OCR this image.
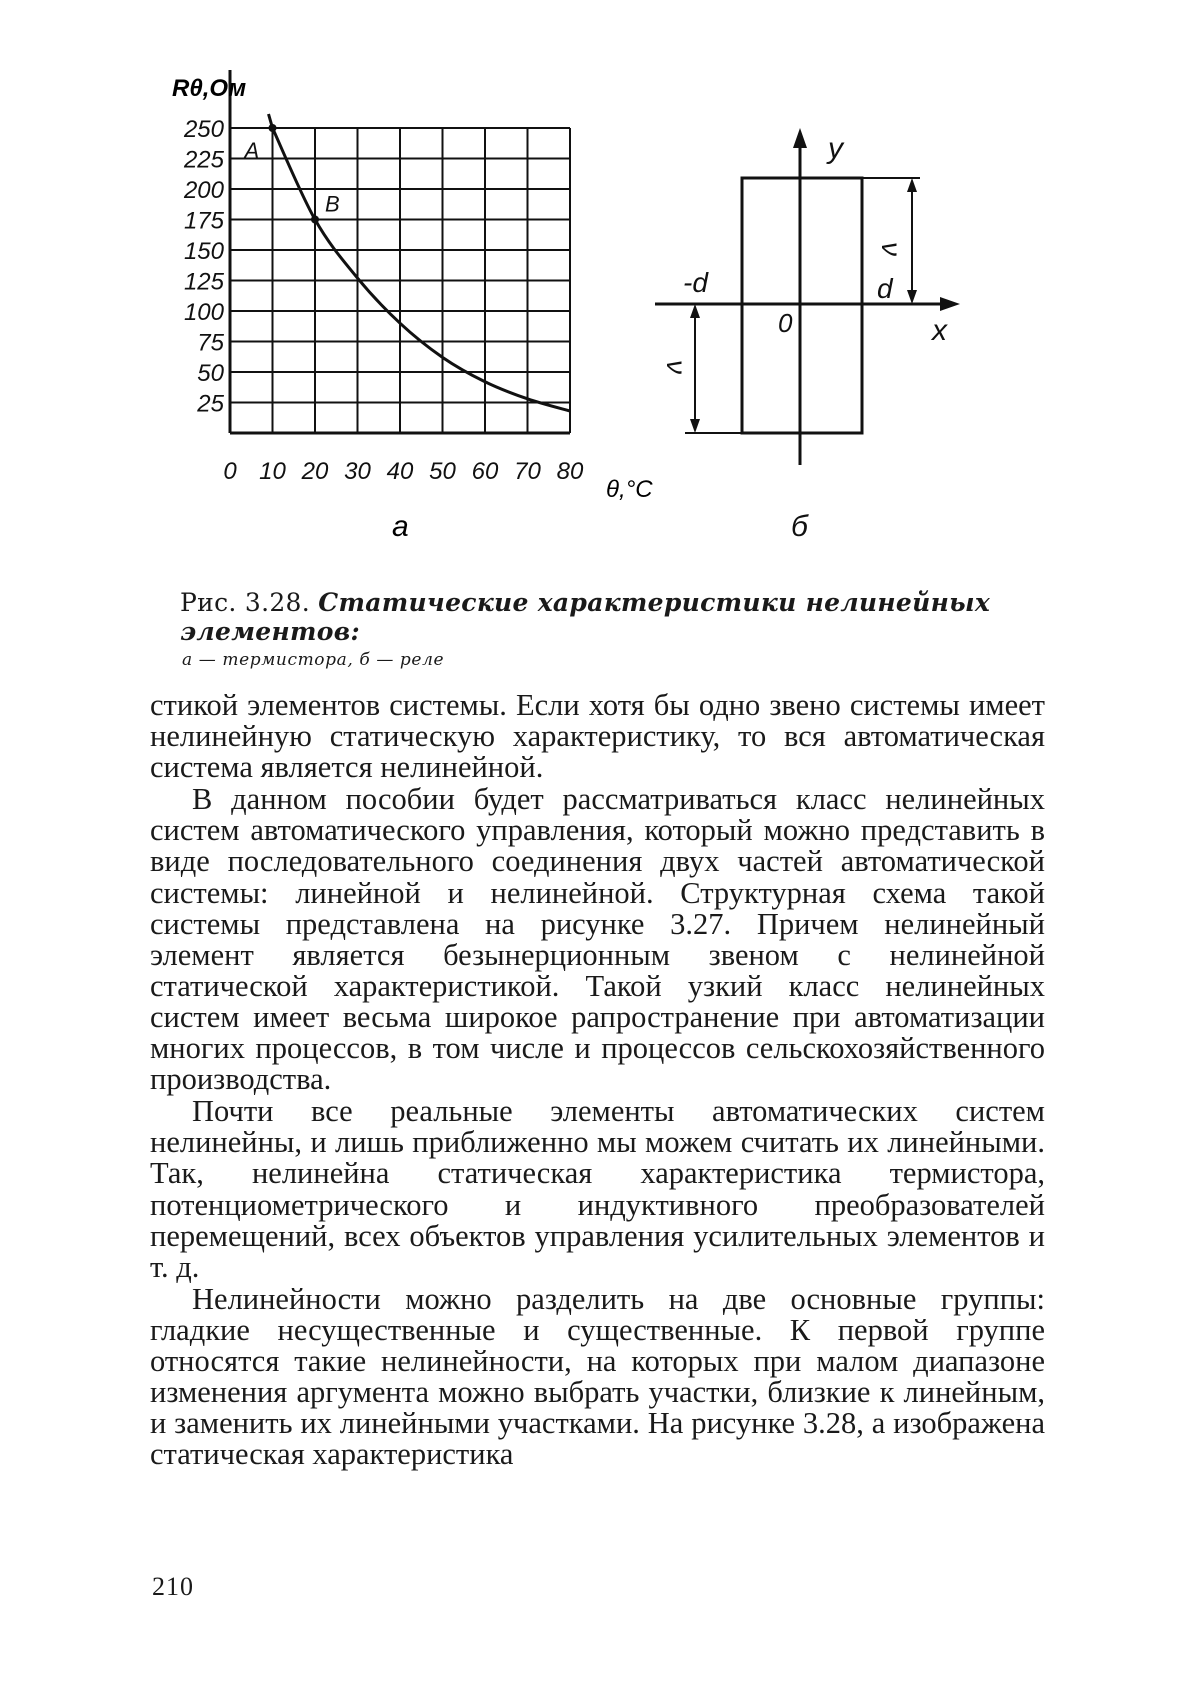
250
225
200
175
150
125
100
75
50
25
0 10 20 30 40 50 60 70 80
A
B
Rθ,Ом
θ,°С
а
y
x
0
-d	d
ν
ν
б
Рис. 3.28. Статические характеристики нелинейных элементов:
а — термистора, б — реле

стикой элементов системы. Если хотя бы одно звено системы имеет нелинейную статическую характеристику, то вся автоматическая система является нелинейной.

В данном пособии будет рассматриваться класс нелинейных систем автоматического управления, который можно представить в виде последовательного соединения двух частей автоматической системы: линейной и нелинейной. Структурная схема такой системы представлена на рисунке 3.27. Причем нелинейный элемент является безынерционным звеном с нелинейной статической характеристикой. Такой узкий класс нелинейных систем имеет весьма широкое рапространение при автоматизации многих процессов, в том числе и процессов сельскохозяйственного производства.

Почти все реальные элементы автоматических систем нелинейны, и лишь приближенно мы можем считать их линейными. Так, нелинейна статическая характеристика термистора, потенциометрического и индуктивного преобразователей перемещений, всех объектов управления усилительных элементов и т. д.

Нелинейности можно разделить на две основные группы: гладкие несущественные и существенные. К первой группе относятся такие нелинейности, на которых при малом диапазоне изменения аргумента можно выбрать участки, близкие к линейным, и заменить их линейными участками. На рисунке 3.28, а изображена статическая характеристика

210
